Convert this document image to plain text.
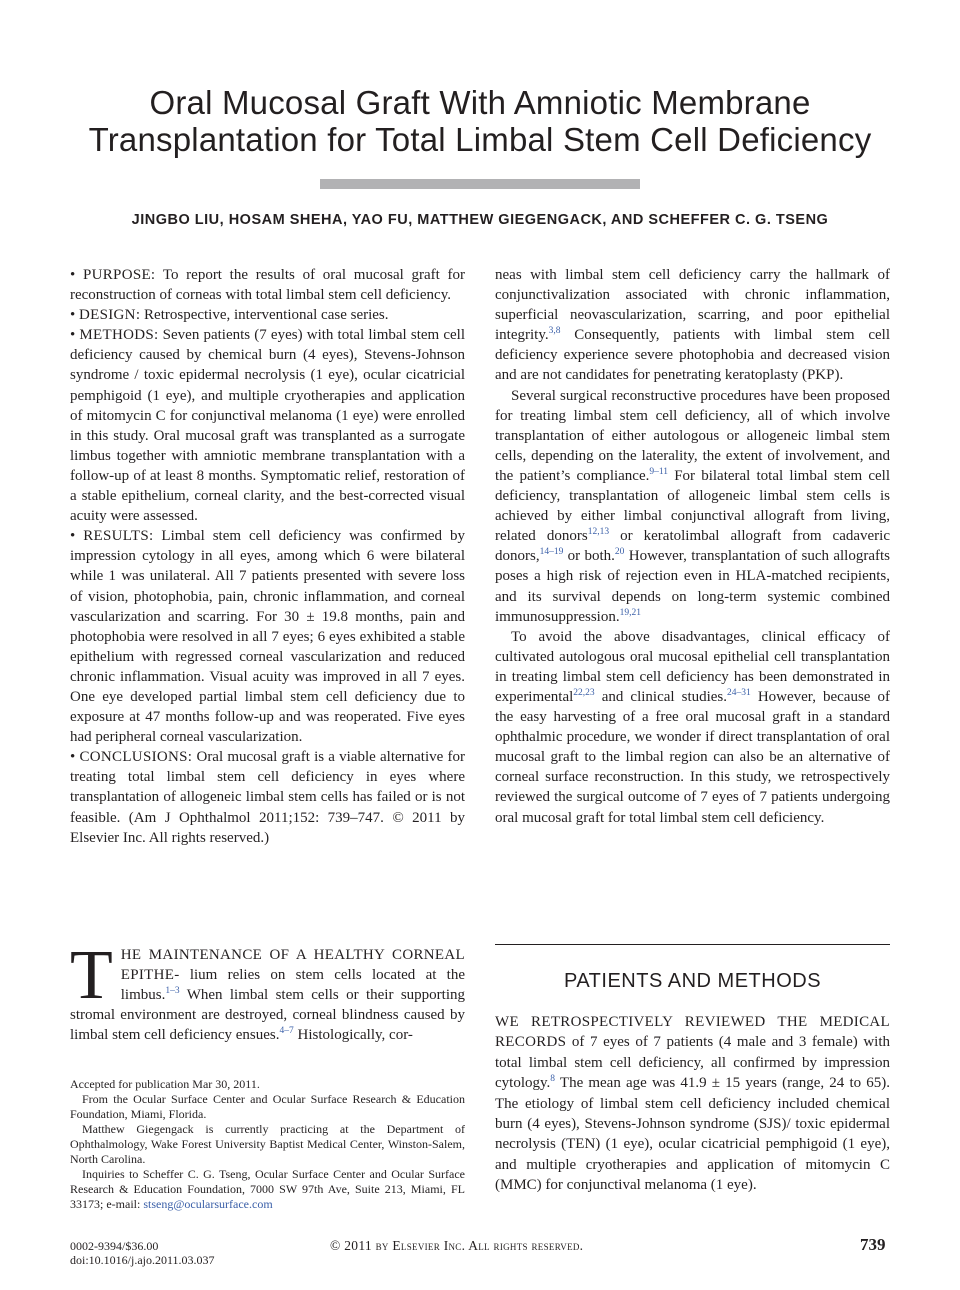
Oral Mucosal Graft With Amniotic Membrane
Transplantation for Total Limbal Stem Cell Deficiency
JINGBO LIU, HOSAM SHEHA, YAO FU, MATTHEW GIEGENGACK, AND SCHEFFER C. G. TSENG

• PURPOSE: To report the results of oral mucosal graft for reconstruction of corneas with total limbal stem cell deficiency.

• DESIGN: Retrospective, interventional case series.

• METHODS: Seven patients (7 eyes) with total limbal stem cell deficiency caused by chemical burn (4 eyes), Stevens-Johnson syndrome / toxic epidermal necrolysis (1 eye), ocular cicatricial pemphigoid (1 eye), and multiple cryotherapies and application of mitomycin C for conjunctival melanoma (1 eye) were enrolled in this study. Oral mucosal graft was transplanted as a surrogate limbus together with amniotic membrane transplantation with a follow-up of at least 8 months. Symptomatic relief, restoration of a stable epithelium, corneal clarity, and the best-corrected visual acuity were assessed.

• RESULTS: Limbal stem cell deficiency was confirmed by impression cytology in all eyes, among which 6 were bilateral while 1 was unilateral. All 7 patients presented with severe loss of vision, photophobia, pain, chronic inflammation, and corneal vascularization and scarring. For 30 ± 19.8 months, pain and photophobia were resolved in all 7 eyes; 6 eyes exhibited a stable epithelium with regressed corneal vascularization and reduced chronic inflammation. Visual acuity was improved in all 7 eyes. One eye developed partial limbal stem cell deficiency due to exposure at 47 months follow-up and was reoperated. Five eyes had peripheral corneal vascularization.

• CONCLUSIONS: Oral mucosal graft is a viable alternative for treating total limbal stem cell deficiency in eyes where transplantation of allogeneic limbal stem cells has failed or is not feasible. (Am J Ophthalmol 2011;152: 739–747. © 2011 by Elsevier Inc. All rights reserved.)

THE MAINTENANCE OF A HEALTHY CORNEAL EPITHE- lium relies on stem cells located at the limbus.$^{1-3}$ When limbal stem cells or their supporting stromal environment are destroyed, corneal blindness caused by limbal stem cell deficiency ensues.$^{4-7}$ Histologically, cor-

Accepted for publication Mar 30, 2011.

From the Ocular Surface Center and Ocular Surface Research & Education Foundation, Miami, Florida.

Matthew Giegengack is currently practicing at the Department of Ophthalmology, Wake Forest University Baptist Medical Center, Winston-Salem, North Carolina.

Inquiries to Scheffer C. G. Tseng, Ocular Surface Center and Ocular Surface Research & Education Foundation, 7000 SW 97th Ave, Suite 213, Miami, FL 33173; e-mail: stseng@ocularsurface.com

neas with limbal stem cell deficiency carry the hallmark of conjunctivalization associated with chronic inflammation, superficial neovascularization, scarring, and poor epithelial integrity.$^{3,8}$ Consequently, patients with limbal stem cell deficiency experience severe photophobia and decreased vision and are not candidates for penetrating keratoplasty (PKP).

Several surgical reconstructive procedures have been proposed for treating limbal stem cell deficiency, all of which involve transplantation of either autologous or allogeneic limbal stem cells, depending on the laterality, the extent of involvement, and the patient’s compliance.$^{9-11}$ For bilateral total limbal stem cell deficiency, transplantation of allogeneic limbal stem cells is achieved by either limbal conjunctival allograft from living, related donors$^{12,13}$ or keratolimbal allograft from cadaveric donors,$^{14-19}$ or both.$^{20}$ However, transplantation of such allografts poses a high risk of rejection even in HLA-matched recipients, and its survival depends on long-term systemic combined immunosuppression.$^{19,21}$

To avoid the above disadvantages, clinical efficacy of cultivated autologous oral mucosal epithelial cell transplantation in treating limbal stem cell deficiency has been demonstrated in experimental$^{22,23}$ and clinical studies.$^{24-31}$ However, because of the easy harvesting of a free oral mucosal graft in a standard ophthalmic procedure, we wonder if direct transplantation of oral mucosal graft to the limbal region can also be an alternative of corneal surface reconstruction. In this study, we retrospectively reviewed the surgical outcome of 7 eyes of 7 patients undergoing oral mucosal graft for total limbal stem cell deficiency.

PATIENTS AND METHODS

WE RETROSPECTIVELY REVIEWED THE MEDICAL RECORDS of 7 eyes of 7 patients (4 male and 3 female) with total limbal stem cell deficiency, all confirmed by impression cytology.$^8$ The mean age was 41.9 ± 15 years (range, 24 to 65). The etiology of limbal stem cell deficiency included chemical burn (4 eyes), Stevens-Johnson syndrome (SJS)/ toxic epidermal necrolysis (TEN) (1 eye), ocular cicatricial pemphigoid (1 eye), and multiple cryotherapies and application of mitomycin C (MMC) for conjunctival melanoma (1 eye).

0002-9394/$36.00
doi:10.1016/j.ajo.2011.03.037
© 2011 by Elsevier Inc. All rights reserved.	739
